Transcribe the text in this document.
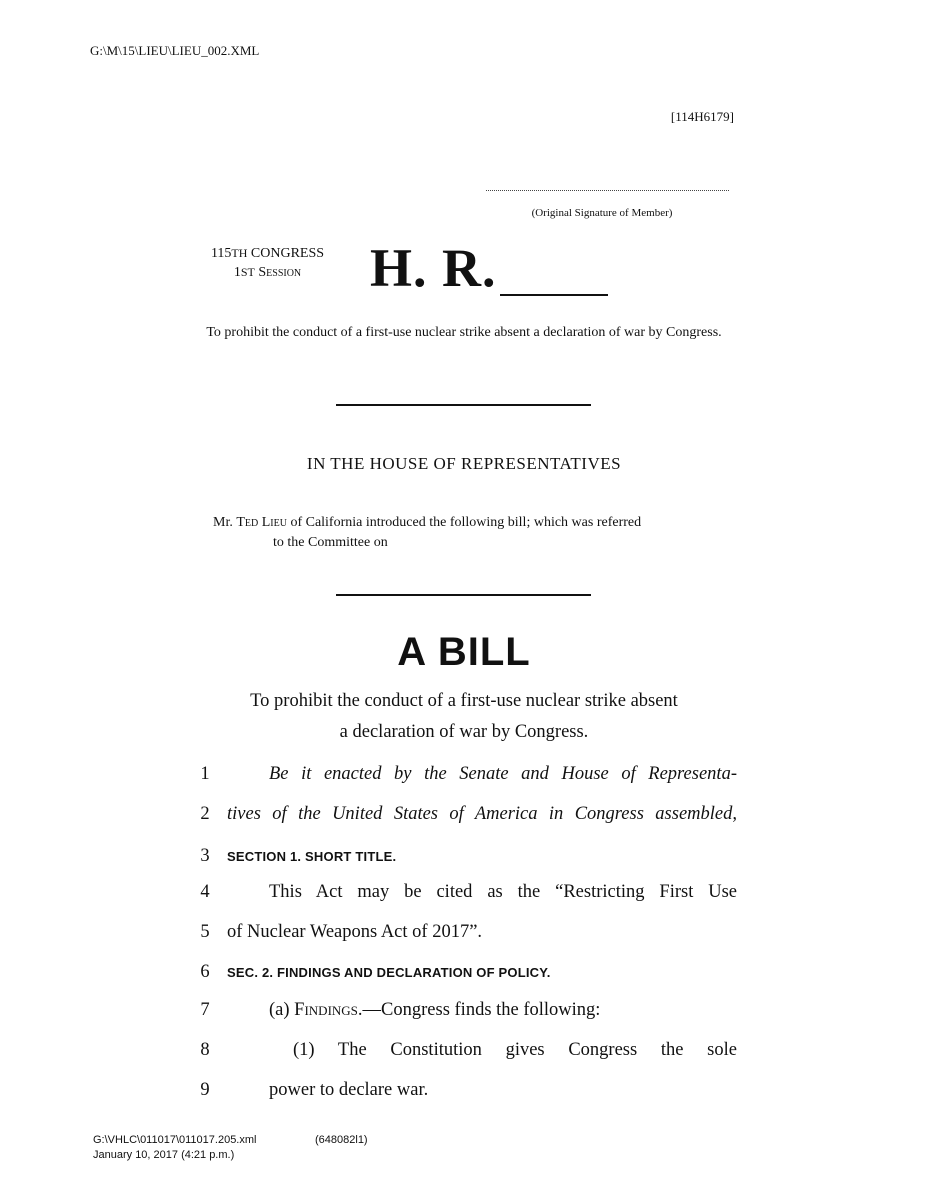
G:\M\15\LIEU\LIEU_002.XML
[114H6179]
(Original Signature of Member)
115TH CONGRESS
1ST Session	H. R.
To prohibit the conduct of a first-use nuclear strike absent a declaration of war by Congress.
IN THE HOUSE OF REPRESENTATIVES
Mr. Ted Lieu of California introduced the following bill; which was referred
to the Committee on
A BILL
To prohibit the conduct of a first-use nuclear strike absent
a declaration of war by Congress.
1	Be it enacted by the Senate and House of Representa-
2 tives of the United States of America in Congress assembled,
3 SECTION 1. SHORT TITLE.
4	This Act may be cited as the “Restricting First Use
5 of Nuclear Weapons Act of 2017”.
6 SEC. 2. FINDINGS AND DECLARATION OF POLICY.
7	(a) Findings.—Congress finds the following:
8	(1) The Constitution gives Congress the sole
9	power to declare war.
G:\VHLC\011017\011017.205.xml
January 10, 2017 (4:21 p.m.)
(648082l1)
